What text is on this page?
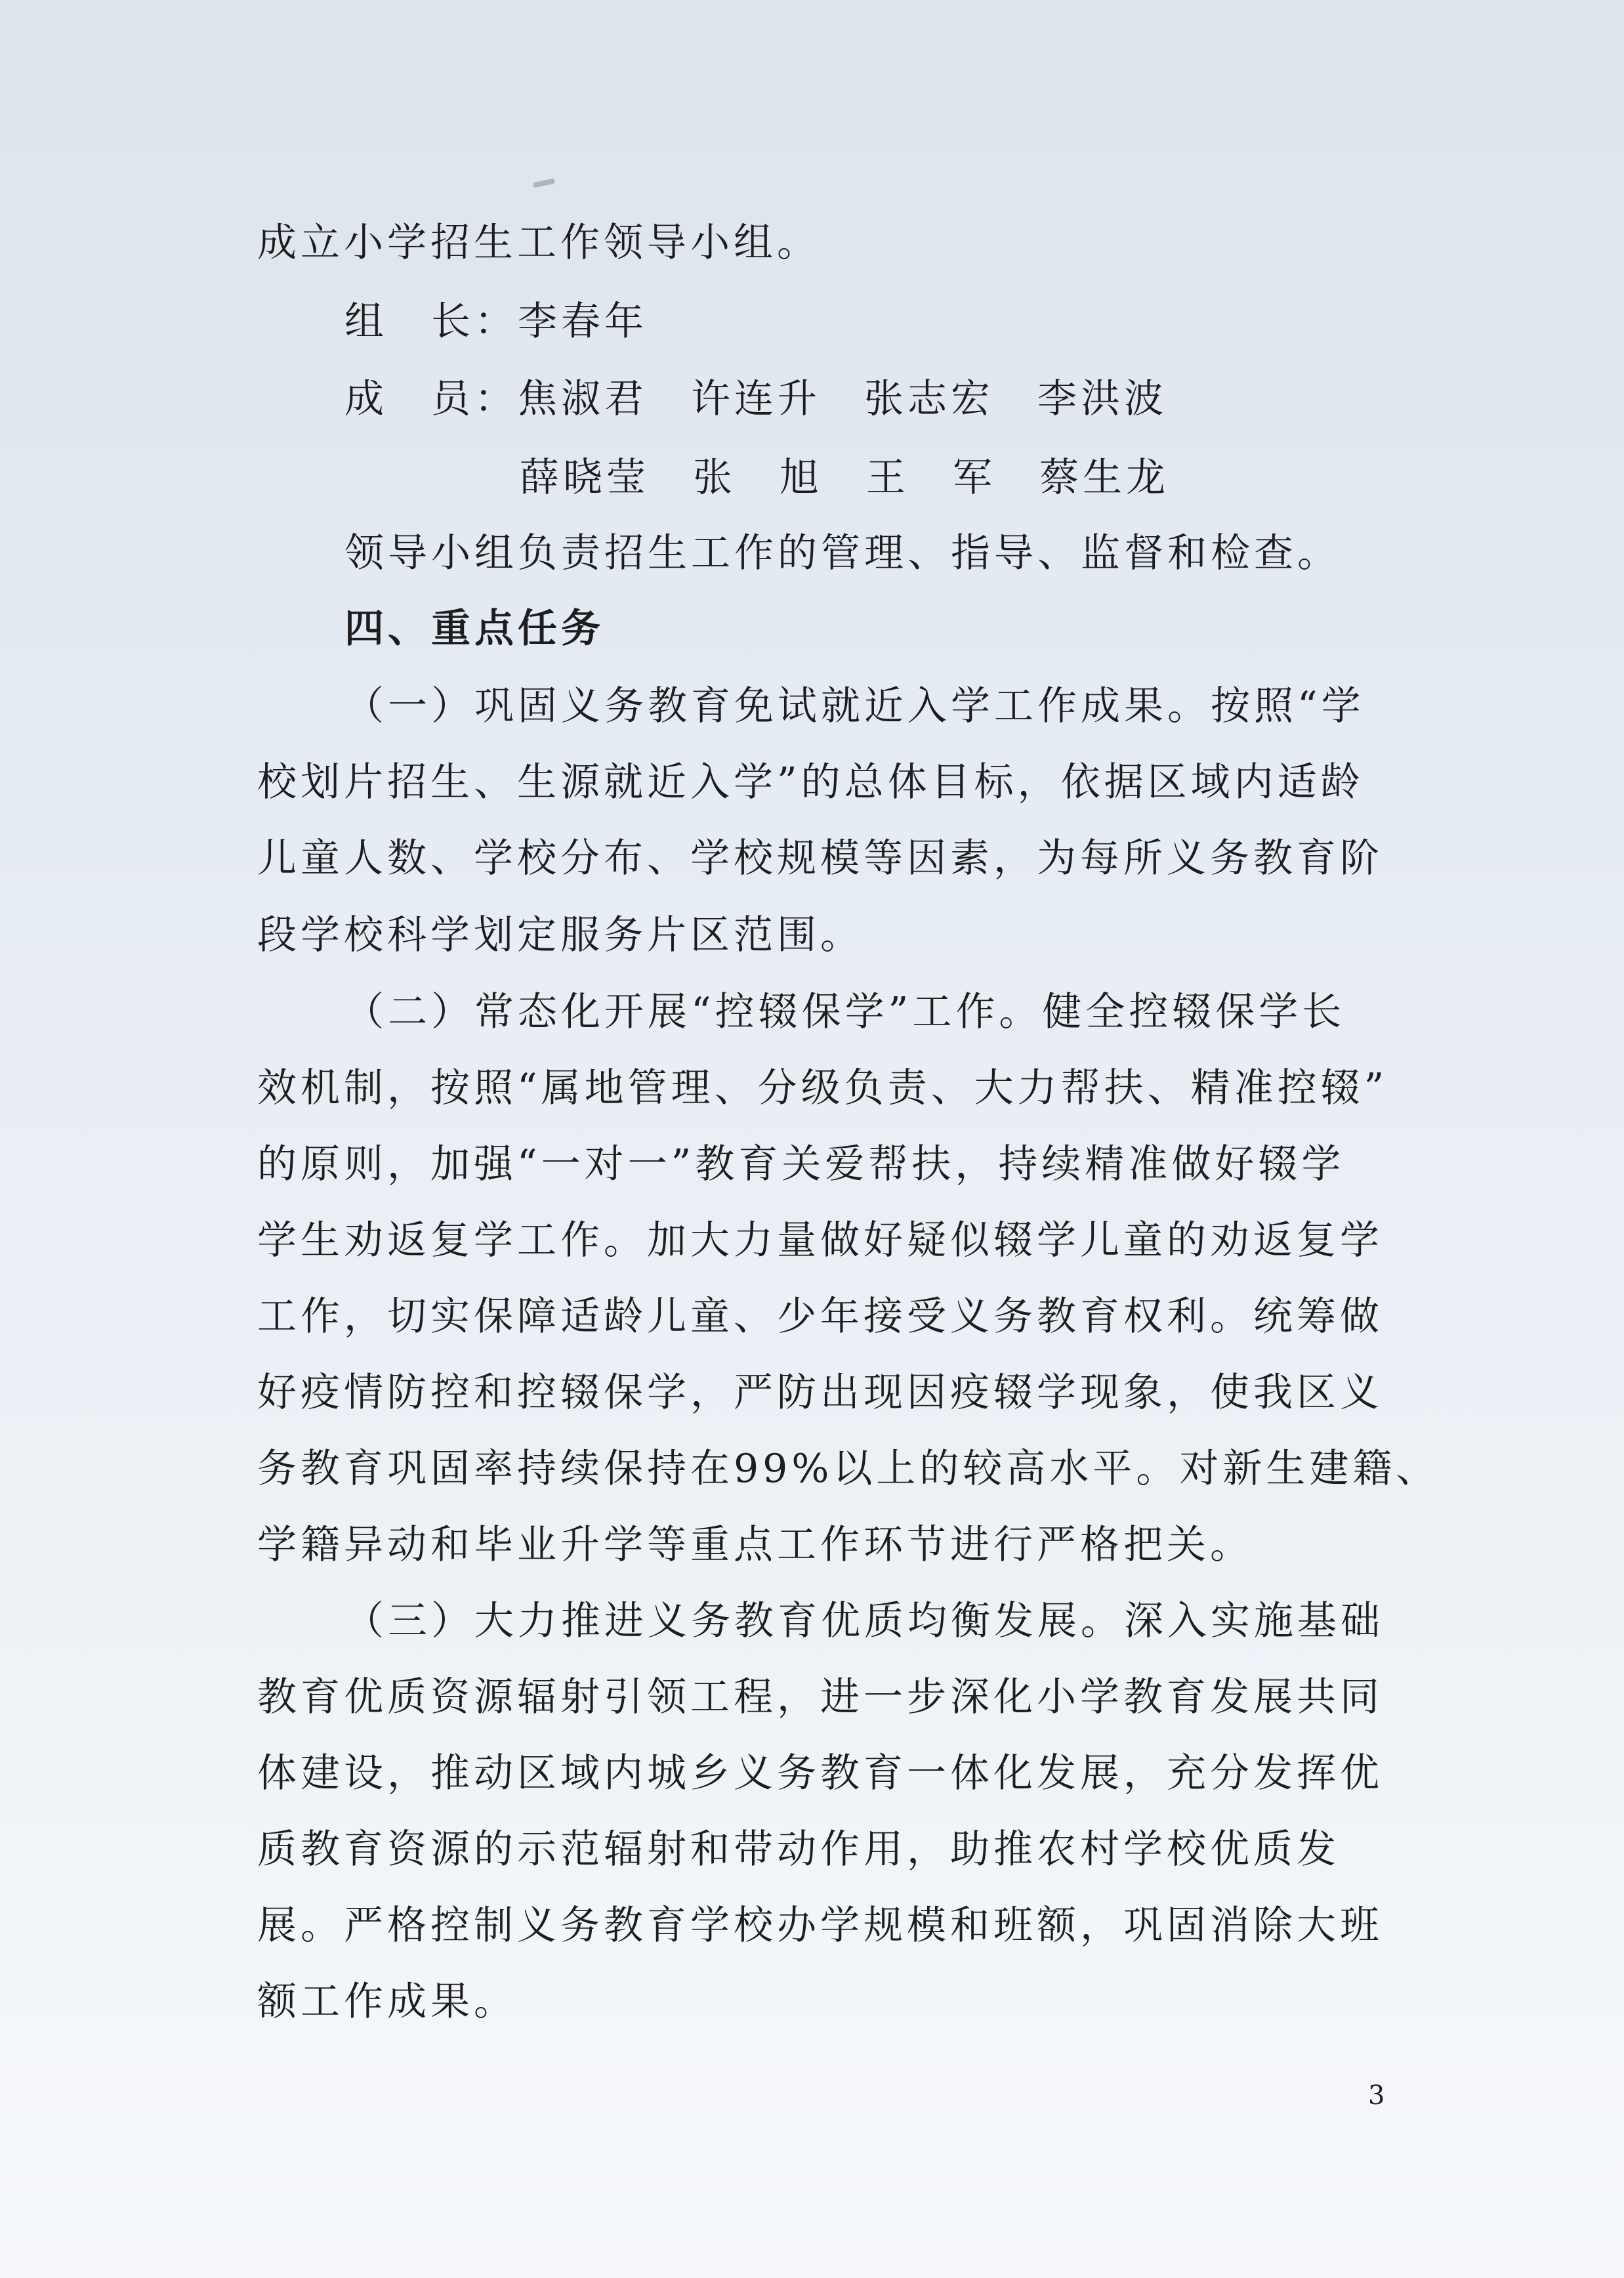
成立小学招生工作领导小组。
组　长：李春年
成　员：焦淑君　许连升　张志宏　李洪波
薛晓莹　张　旭　王　军　蔡生龙
领导小组负责招生工作的管理、指导、监督和检查。
四、重点任务
（一）巩固义务教育免试就近入学工作成果。按照“学
校划片招生、生源就近入学”的总体目标，依据区域内适龄
儿童人数、学校分布、学校规模等因素，为每所义务教育阶
段学校科学划定服务片区范围。
（二）常态化开展“控辍保学”工作。健全控辍保学长
效机制，按照“属地管理、分级负责、大力帮扶、精准控辍”
的原则，加强“一对一”教育关爱帮扶，持续精准做好辍学
学生劝返复学工作。加大力量做好疑似辍学儿童的劝返复学
工作，切实保障适龄儿童、少年接受义务教育权利。统筹做
好疫情防控和控辍保学，严防出现因疫辍学现象，使我区义
务教育巩固率持续保持在99%以上的较高水平。对新生建籍、
学籍异动和毕业升学等重点工作环节进行严格把关。
（三）大力推进义务教育优质均衡发展。深入实施基础
教育优质资源辐射引领工程，进一步深化小学教育发展共同
体建设，推动区域内城乡义务教育一体化发展，充分发挥优
质教育资源的示范辐射和带动作用，助推农村学校优质发
展。严格控制义务教育学校办学规模和班额，巩固消除大班
额工作成果。
3
